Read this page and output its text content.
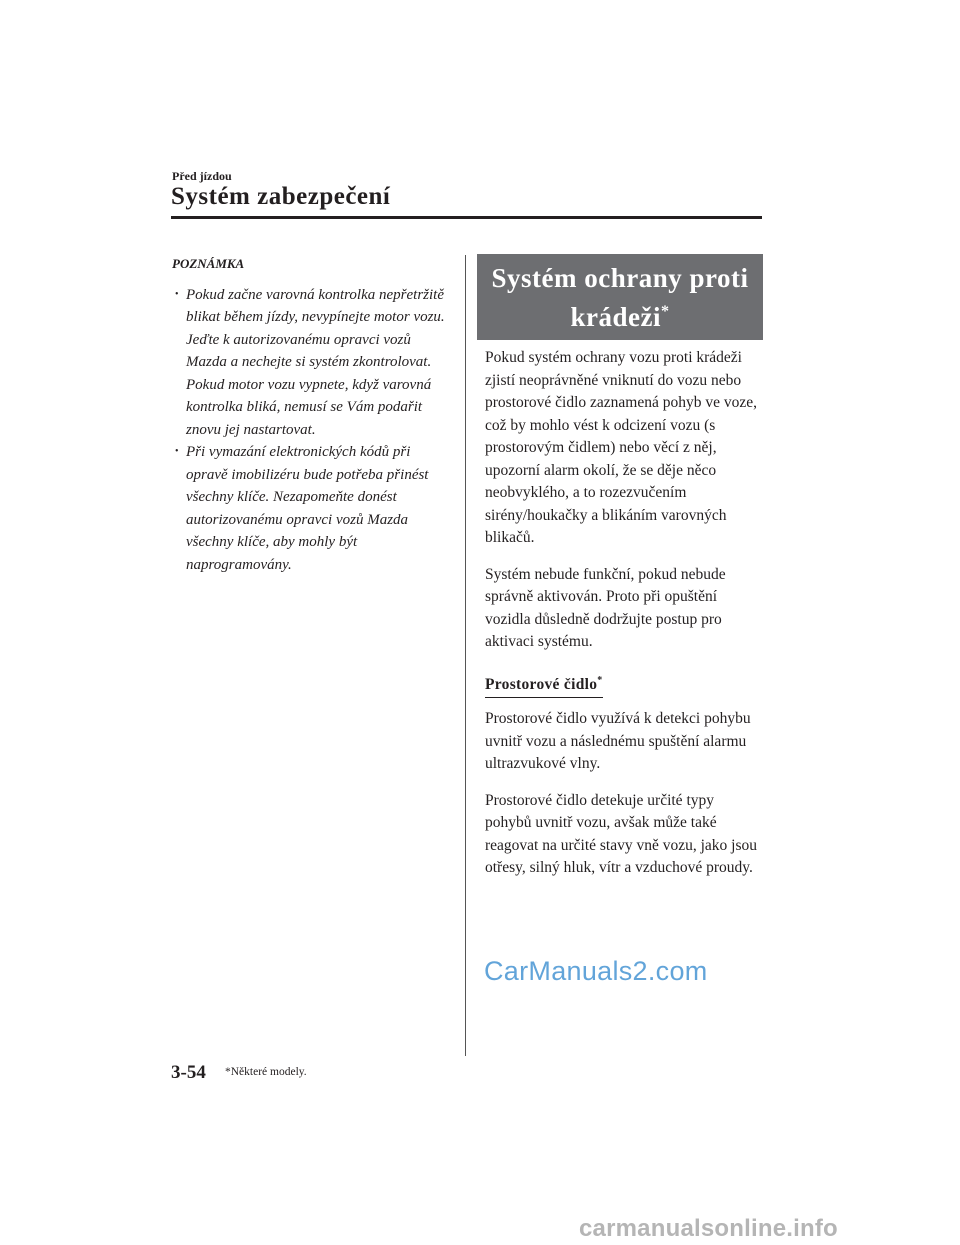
Před jízdou
Systém zabezpečení
POZNÁMKA
• Pokud začne varovná kontrolka nepřetržitě blikat během jízdy, nevypínejte motor vozu. Jeďte k autorizovanému opravci vozů Mazda a nechejte si systém zkontrolovat. Pokud motor vozu vypnete, když varovná kontrolka bliká, nemusí se Vám podařit znovu jej nastartovat.
• Při vymazání elektronických kódů při opravě imobilizéru bude potřeba přinést všechny klíče. Nezapomeňte donést autorizovanému opravci vozů Mazda všechny klíče, aby mohly být naprogramovány.
Systém ochrany proti krádeži*

Pokud systém ochrany vozu proti krádeži zjistí neoprávněné vniknutí do vozu nebo prostorové čidlo zaznamená pohyb ve voze, což by mohlo vést k odcizení vozu (s prostorovým čidlem) nebo věcí z něj, upozorní alarm okolí, že se děje něco neobvyklého, a to rozezvučením sirény/houkačky a blikáním varovných blikačů.

Systém nebude funkční, pokud nebude správně aktivován. Proto při opuštění vozidla důsledně dodržujte postup pro aktivaci systému.

Prostorové čidlo*

Prostorové čidlo využívá k detekci pohybu uvnitř vozu a následnému spuštění alarmu ultrazvukové vlny.

Prostorové čidlo detekuje určité typy pohybů uvnitř vozu, avšak může také reagovat na určité stavy vně vozu, jako jsou otřesy, silný hluk, vítr a vzduchové proudy.

CarManuals2.com
3-54 *Některé modely.
carmanualsonline.info
